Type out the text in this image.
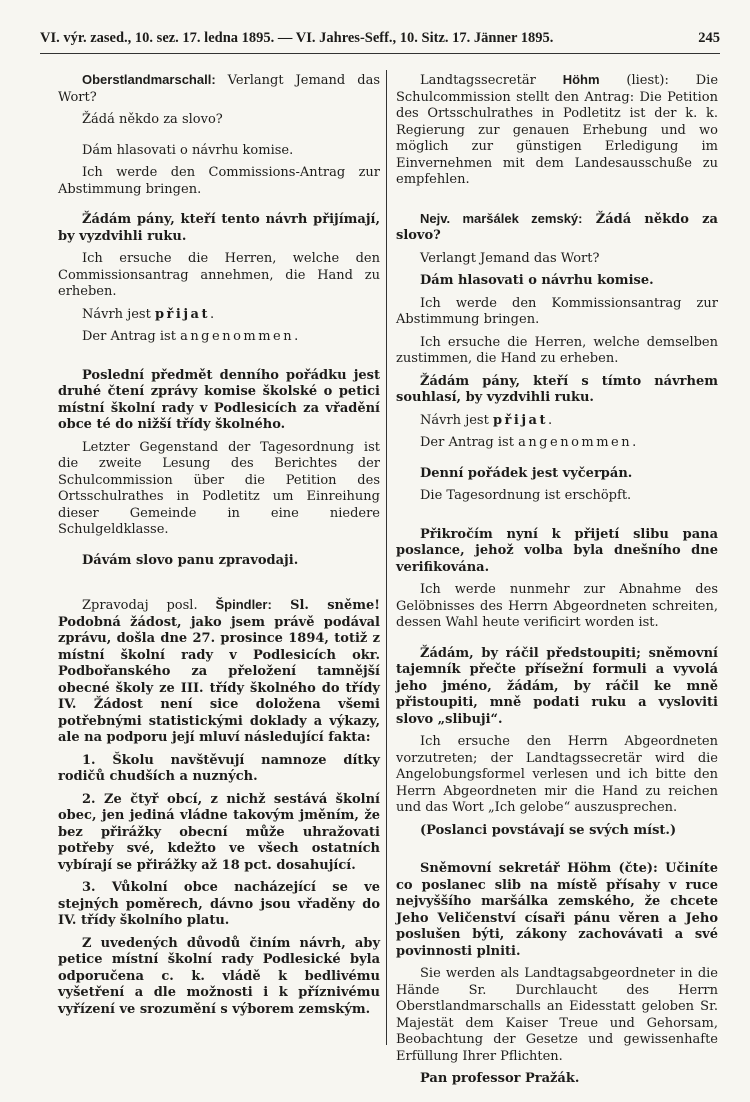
VI. výr. zased., 10. sez. 17. ledna 1895. — VI. Jahres-Seff., 10. Sitz. 17. Jänner 1895.	245

Oberstlandmarschall: Verlangt Jemand das Wort?

Žádá někdo za slovo?

Dám hlasovati o návrhu komise.

Ich werde den Commissions-Antrag zur Abstimmung bringen.

Žádám pány, kteří tento návrh přijímají, by vyzdvihli ruku.

Ich ersuche die Herren, welche den Commissionsantrag annehmen, die Hand zu erheben.

Návrh jest přijat.

Der Antrag ist angenommen.

Poslední předmět denního pořádku jest druhé čtení zprávy komise školské o petici místní školní rady v Podlesicích za vřadění obce té do nižší třídy školného.

Letzter Gegenstand der Tagesordnung ist die zweite Lesung des Berichtes der Schulcommission über die Petition des Ortsschulrathes in Podletitz um Einreihung dieser Gemeinde in eine niedere Schulgeldklasse.

Dávám slovo panu zpravodaji.

Zpravodaj posl. Špindler: Sl. sněme! Podobná žádost, jako jsem právě podával zprávu, došla dne 27. prosince 1894, totiž z místní školní rady v Podlesicích okr. Podbořanského za přeložení tamnější obecné školy ze III. třídy školného do třídy IV. Žádost není sice doložena všemi potřebnými statistickými doklady a výkazy, ale na podporu její mluví následující fakta:

1. Školu navštěvují namnoze dítky rodičů chudších a nuzných.

2. Ze čtyř obcí, z nichž sestává školní obec, jen jediná vládne takovým jměním, že bez přirážky obecní může uhražovati potřeby své, kdežto ve všech ostatních vybírají se přirážky až 18 pct. dosahující.

3. Vůkolní obce nacházející se ve stejných poměrech, dávno jsou vřaděny do IV. třídy školního platu.

Z uvedených důvodů činím návrh, aby petice místní školní rady Podlesické byla odporučena c. k. vládě k bedlivému vyšetření a dle možnosti i k příznivému vyřízení ve srozumění s výborem zemským.

Landtagssecretär Höhm (liest): Die Schulcommission stellt den Antrag: Die Petition des Ortsschulrathes in Podletitz ist der k. k. Regierung zur genauen Erhebung und wo möglich zur günstigen Erledigung im Einvernehmen mit dem Landesausschuße zu empfehlen.

Nejv. maršálek zemský: Žádá někdo za slovo?

Verlangt Jemand das Wort?

Dám hlasovati o návrhu komise.

Ich werde den Kommissionsantrag zur Abstimmung bringen.

Ich ersuche die Herren, welche demselben zustimmen, die Hand zu erheben.

Žádám pány, kteří s tímto návrhem souhlasí, by vyzdvihli ruku.

Návrh jest přijat.

Der Antrag ist angenommen.

Denní pořádek jest vyčerpán.

Die Tagesordnung ist erschöpft.

Přikročím nyní k přijetí slibu pana poslance, jehož volba byla dnešního dne verifikována.

Ich werde nunmehr zur Abnahme des Gelöbnisses des Herrn Abgeordneten schreiten, dessen Wahl heute verificirt worden ist.

Žádám, by ráčil předstoupiti; sněmovní tajemník přečte přísežní formuli a vyvolá jeho jméno, žádám, by ráčil ke mně přistoupiti, mně podati ruku a vysloviti slovo „slibuji“.

Ich ersuche den Herrn Abgeordneten vorzutreten; der Landtagssecretär wird die Angelobungsformel verlesen und ich bitte den Herrn Abgeordneten mir die Hand zu reichen und das Wort „Ich gelobe“ auszusprechen.

(Poslanci povstávají se svých míst.)

Sněmovní sekretář Höhm (čte): Učiníte co poslanec slib na místě přísahy v ruce nejvyššího maršálka zemského, že chcete Jeho Veličenství císaři pánu věren a Jeho poslušen býti, zákony zachovávati a své povinnosti plniti.

Sie werden als Landtagsabgeordneter in die Hände Sr. Durchlaucht des Herrn Oberstlandmarschalls an Eidesstatt geloben Sr. Majestät dem Kaiser Treue und Gehorsam, Beobachtung der Gesetze und gewissenhafte Erfüllung Ihrer Pflichten.

Pan professor Pražák.
